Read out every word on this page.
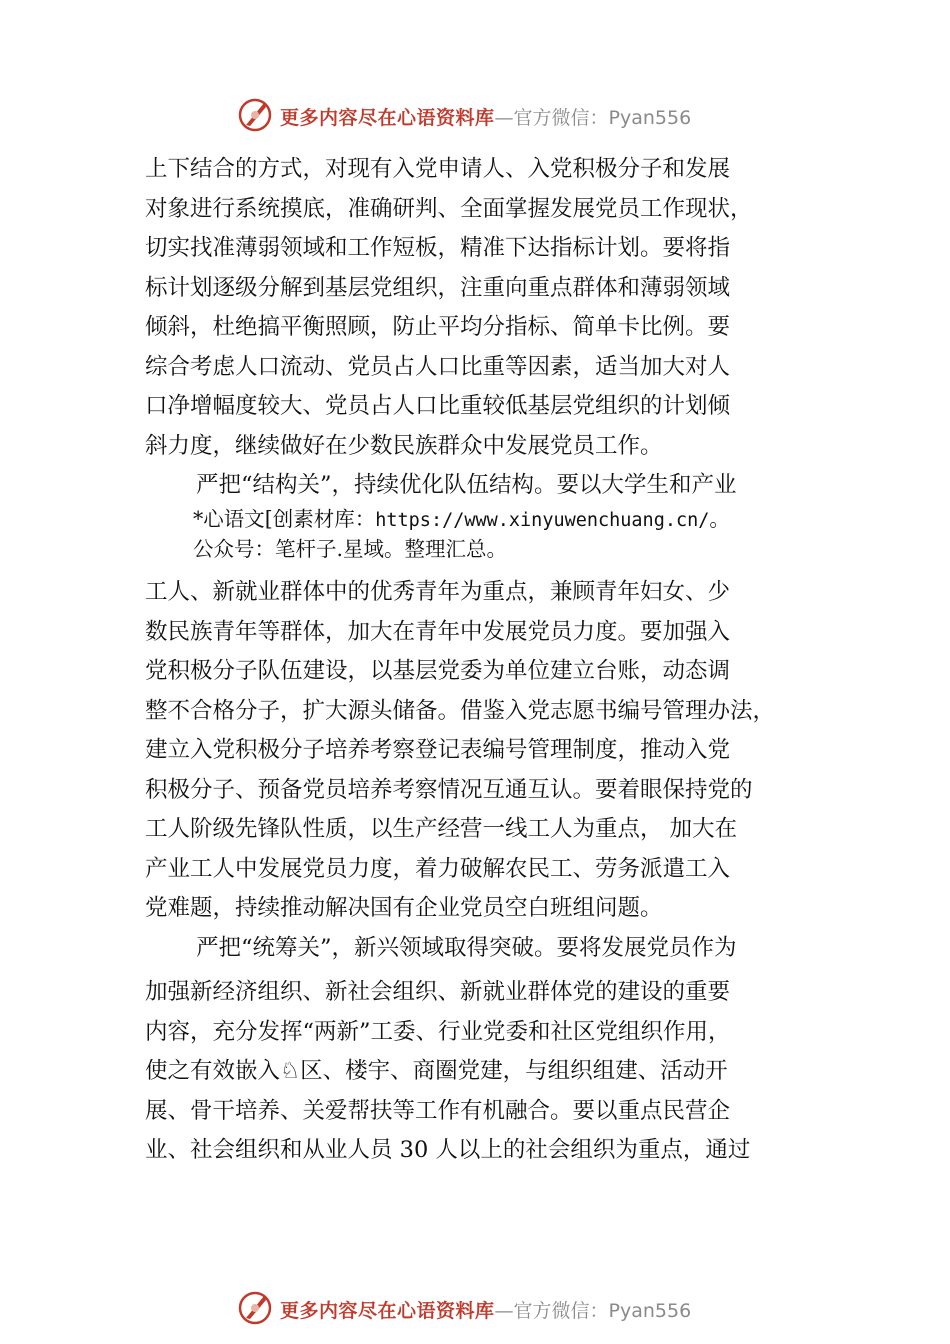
更多内容尽在心语资料库—官方微信：Pyan556
上下结合的方式，对现有入党申请人、入党积极分子和发展
对象进行系统摸底，准确研判、全面掌握发展党员工作现状，
切实找准薄弱领域和工作短板，精准下达指标计划。要将指
标计划逐级分解到基层党组织，注重向重点群体和薄弱领域
倾斜，杜绝搞平衡照顾，防止平均分指标、简单卡比例。要
综合考虑人口流动、党员占人口比重等因素，适当加大对人
口净增幅度较大、党员占人口比重较低基层党组织的计划倾
斜力度，继续做好在少数民族群众中发展党员工作。
严把“结构关”，持续优化队伍结构。要以大学生和产业
*心语文[创素材库：https://www.xinyuwenchuang.cn/。
公众号：笔杆子.星域。整理汇总。
工人、新就业群体中的优秀青年为重点，兼顾青年妇女、少
数民族青年等群体，加大在青年中发展党员力度。要加强入
党积极分子队伍建设，以基层党委为单位建立台账，动态调
整不合格分子，扩大源头储备。借鉴入党志愿书编号管理办法，
建立入党积极分子培养考察登记表编号管理制度，推动入党
积极分子、预备党员培养考察情况互通互认。要着眼保持党的
工人阶级先锋队性质，以生产经营一线工人为重点， 加大在
产业工人中发展党员力度，着力破解农民工、劳务派遣工入
党难题，持续推动解决国有企业党员空白班组问题。
严把“统筹关”，新兴领域取得突破。要将发展党员作为
加强新经济组织、新社会组织、新就业群体党的建设的重要
内容，充分发挥“两新”工委、行业党委和社区党组织作用，
使之有效嵌入♘区、楼宇、商圈党建，与组织组建、活动开
展、骨干培养、关爱帮扶等工作有机融合。要以重点民营企
业、社会组织和从业人员 30 人以上的社会组织为重点，通过
更多内容尽在心语资料库—官方微信：Pyan556
